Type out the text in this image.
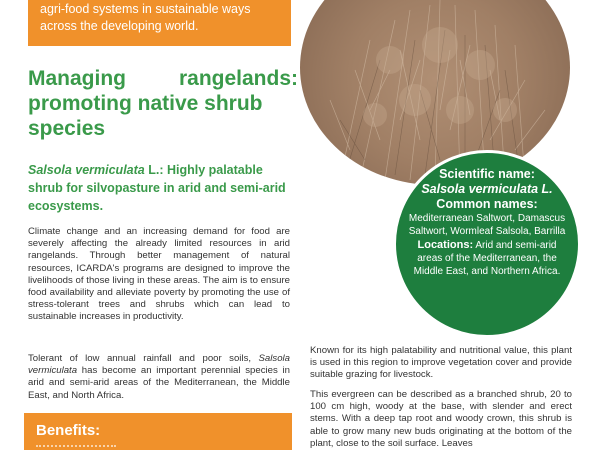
agri-food systems in sustainable ways across the developing world.
Managing rangelands:
promoting native shrub
species
Salsola vermiculata L.: Highly palatable shrub for silvopasture in arid and semi-arid ecosystems.

Climate change and an increasing demand for food are severely affecting the already limited resources in arid rangelands. Through better management of natural resources, ICARDA's programs are designed to improve the livelihoods of those living in these areas. The aim is to ensure food availability and alleviate poverty by promoting the use of stress-tolerant trees and shrubs which can lead to sustainable increases in productivity.

Tolerant of low annual rainfall and poor soils, Salsola vermiculata has become an important perennial species in arid and semi-arid areas of the Mediterranean, the Middle East, and North Africa.

Benefits:
Scientific name:
Salsola vermiculata L.
Common names:
Mediterranean Saltwort, Damascus Saltwort, Wormleaf Salsola, Barrilla
Locations: Arid and semi-arid areas of the Mediterranean, the Middle East, and Northern Africa.

Known for its high palatability and nutritional value, this plant is used in this region to improve vegetation cover and provide suitable grazing for livestock.

This evergreen can be described as a branched shrub, 20 to 100 cm high, woody at the base, with slender and erect stems. With a deep tap root and woody crown, this shrub is able to grow many new buds originating at the bottom of the plant, close to the soil surface. Leaves
